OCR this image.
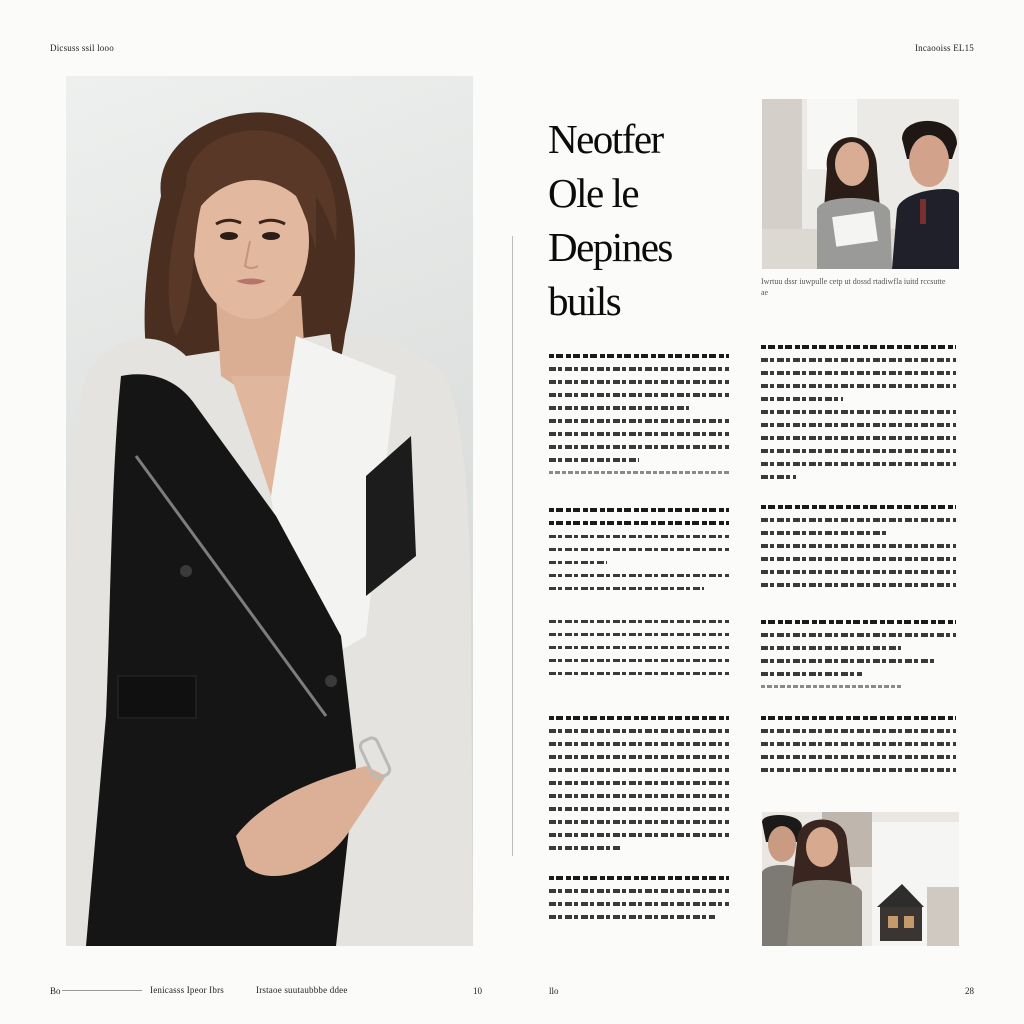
Dicsuss ssil looo	Incaooiss EL15
Neotfer
Ole le
Depines
buils	Iwrtuu dssr iuwpulle cetp ut dossd rtadiwfla iuitd rccsutte ae
Bo	Ienicasss Ipeor Ibrs	Irstaoe suutaubbbe ddee	10	llo	28
